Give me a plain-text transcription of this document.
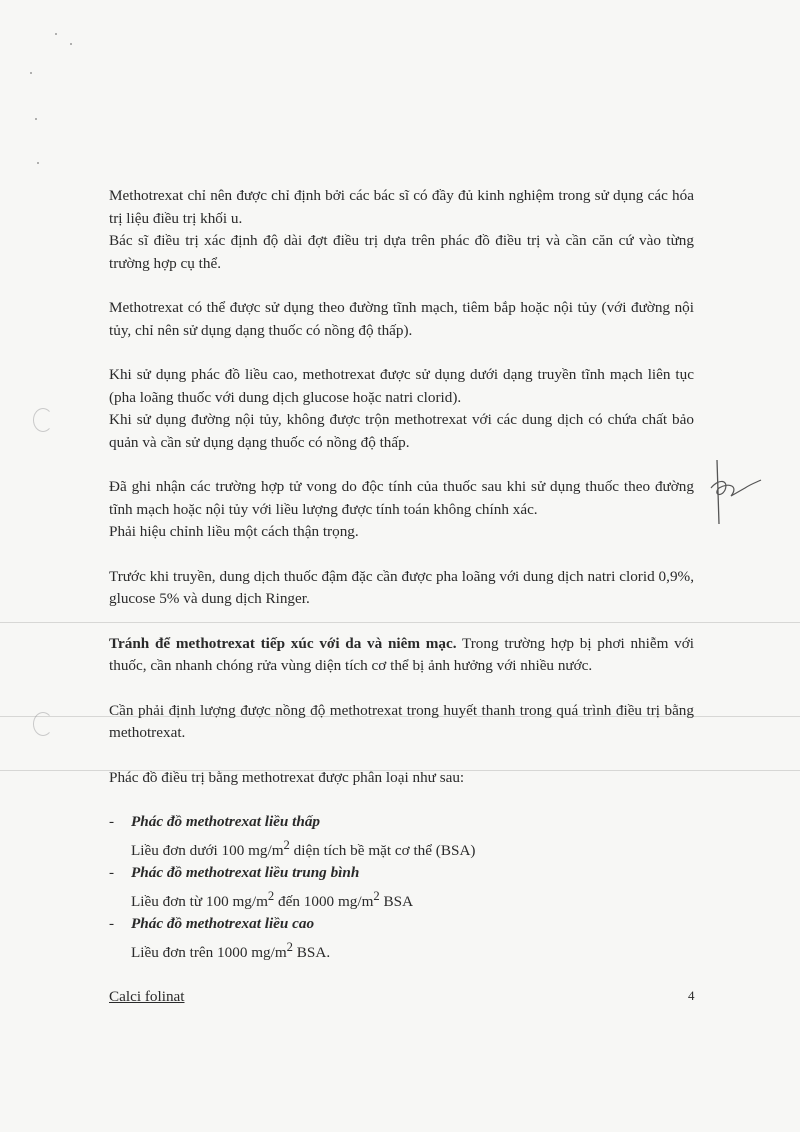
Methotrexat chỉ nên được chỉ định bởi các bác sĩ có đầy đủ kinh nghiệm trong sử dụng các hóa trị liệu điều trị khối u.
Bác sĩ điều trị xác định độ dài đợt điều trị dựa trên phác đồ điều trị và cần căn cứ vào từng trường hợp cụ thể.
Methotrexat có thể được sử dụng theo đường tĩnh mạch, tiêm bắp hoặc nội tủy (với đường nội tủy, chỉ nên sử dụng dạng thuốc có nồng độ thấp).
Khi sử dụng phác đồ liều cao, methotrexat được sử dụng dưới dạng truyền tĩnh mạch liên tục (pha loãng thuốc với dung dịch glucose hoặc natri clorid).
Khi sử dụng đường nội tủy, không được trộn methotrexat với các dung dịch có chứa chất bảo quản và cần sử dụng dạng thuốc có nồng độ thấp.
Đã ghi nhận các trường hợp tử vong do độc tính của thuốc sau khi sử dụng thuốc theo đường tĩnh mạch hoặc nội tủy với liều lượng được tính toán không chính xác.
Phải hiệu chỉnh liều một cách thận trọng.
Trước khi truyền, dung dịch thuốc đậm đặc cần được pha loãng với dung dịch natri clorid 0,9%, glucose 5% và dung dịch Ringer.
Tránh để methotrexat tiếp xúc với da và niêm mạc. Trong trường hợp bị phơi nhiễm với thuốc, cần nhanh chóng rửa vùng diện tích cơ thể bị ảnh hưởng với nhiều nước.
Cần phải định lượng được nồng độ methotrexat trong huyết thanh trong quá trình điều trị bằng methotrexat.
Phác đồ điều trị bằng methotrexat được phân loại như sau:
- Phác đồ methotrexat liều thấp
Liều đơn dưới 100 $mg/m^2$ diện tích bề mặt cơ thể (BSA)
- Phác đồ methotrexat liều trung bình
Liều đơn từ 100 $mg/m^2$ đến 1000 $mg/m^2$ BSA
- Phác đồ methotrexat liều cao
Liều đơn trên 1000 $mg/m^2$ BSA.
Calci folinat	4
